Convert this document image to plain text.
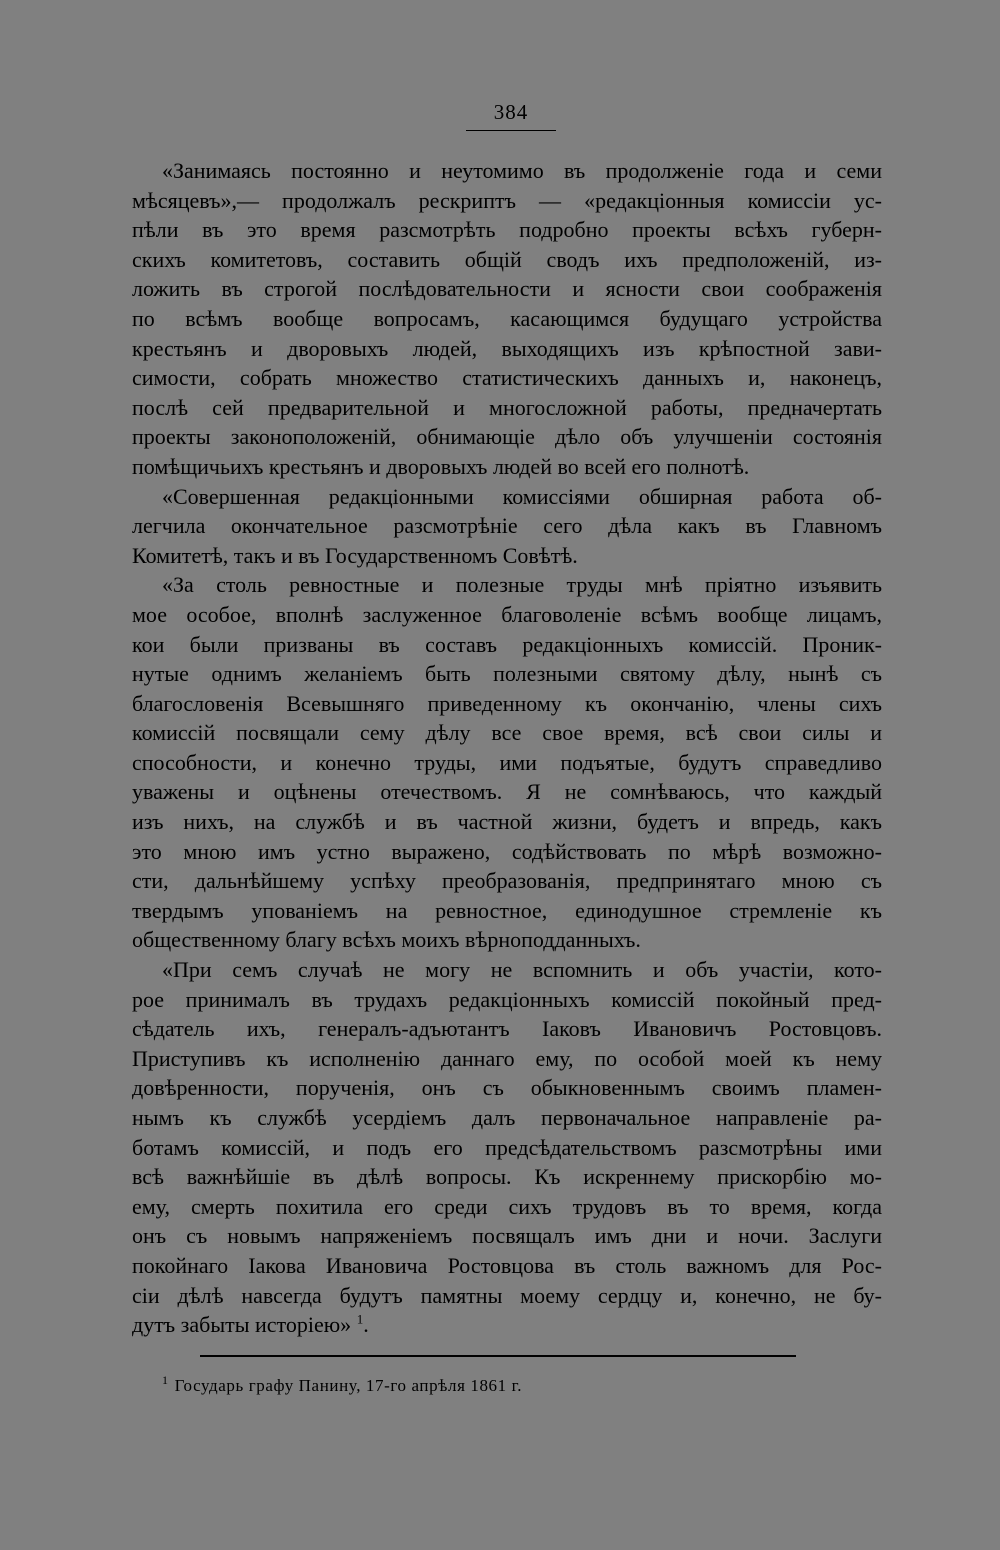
384
«Занимаясь постоянно и неутомимо въ продолженіе года и семи
мѣсяцевъ»,— продолжалъ рескриптъ — «редакціонныя комиссіи ус-
пѣли въ это время разсмотрѣть подробно проекты всѣхъ губерн-
скихъ комитетовъ, составить общій сводъ ихъ предположеній, из-
ложить въ строгой послѣдовательности и ясности свои соображенія
по всѣмъ вообще вопросамъ, касающимся будущаго устройства
крестьянъ и дворовыхъ людей, выходящихъ изъ крѣпостной зави-
симости, собрать множество статистическихъ данныхъ и, наконецъ,
послѣ сей предварительной и многосложной работы, предначертать
проекты законоположеній, обнимающіе дѣло объ улучшеніи состоянія
помѣщичьихъ крестьянъ и дворовыхъ людей во всей его полнотѣ.
«Совершенная редакціонными комиссіями обширная работа об-
легчила окончательное разсмотрѣніе сего дѣла какъ въ Главномъ
Комитетѣ, такъ и въ Государственномъ Совѣтѣ.
«За столь ревностные и полезные труды мнѣ пріятно изъявить
мое особое, вполнѣ заслуженное благоволеніе всѣмъ вообще лицамъ,
кои были призваны въ составъ редакціонныхъ комиссій. Проник-
нутые однимъ желаніемъ быть полезными святому дѣлу, нынѣ съ
благословенія Всевышняго приведенному къ окончанію, члены сихъ
комиссій посвящали сему дѣлу все свое время, всѣ свои силы и
способности, и конечно труды, ими подъятые, будутъ справедливо
уважены и оцѣнены отечествомъ. Я не сомнѣваюсь, что каждый
изъ нихъ, на службѣ и въ частной жизни, будетъ и впредь, какъ
это мною имъ устно выражено, содѣйствовать по мѣрѣ возможно-
сти, дальнѣйшему успѣху преобразованія, предпринятаго мною съ
твердымъ упованіемъ на ревностное, единодушное стремленіе къ
общественному благу всѣхъ моихъ вѣрноподданныхъ.
«При семъ случаѣ не могу не вспомнить и объ участіи, кото-
рое принималъ въ трудахъ редакціонныхъ комиссій покойный пред-
сѣдатель ихъ, генералъ-адъютантъ Іаковъ Ивановичъ Ростовцовъ.
Приступивъ къ исполненію даннаго ему, по особой моей къ нему
довѣренности, порученія, онъ съ обыкновеннымъ своимъ пламен-
нымъ къ службѣ усердіемъ далъ первоначальное направленіе ра-
ботамъ комиссій, и подъ его предсѣдательствомъ разсмотрѣны ими
всѣ важнѣйшіе въ дѣлѣ вопросы. Къ искреннему прискорбію мо-
ему, смерть похитила его среди сихъ трудовъ въ то время, когда
онъ съ новымъ напряженіемъ посвящалъ имъ дни и ночи. Заслуги
покойнаго Іакова Ивановича Ростовцова въ столь важномъ для Рос-
сіи дѣлѣ навсегда будутъ памятны моему сердцу и, конечно, не бу-
дутъ забыты исторіею» $^1$.
$^1$ Государь графу Панину, 17-го апрѣля 1861 г.
